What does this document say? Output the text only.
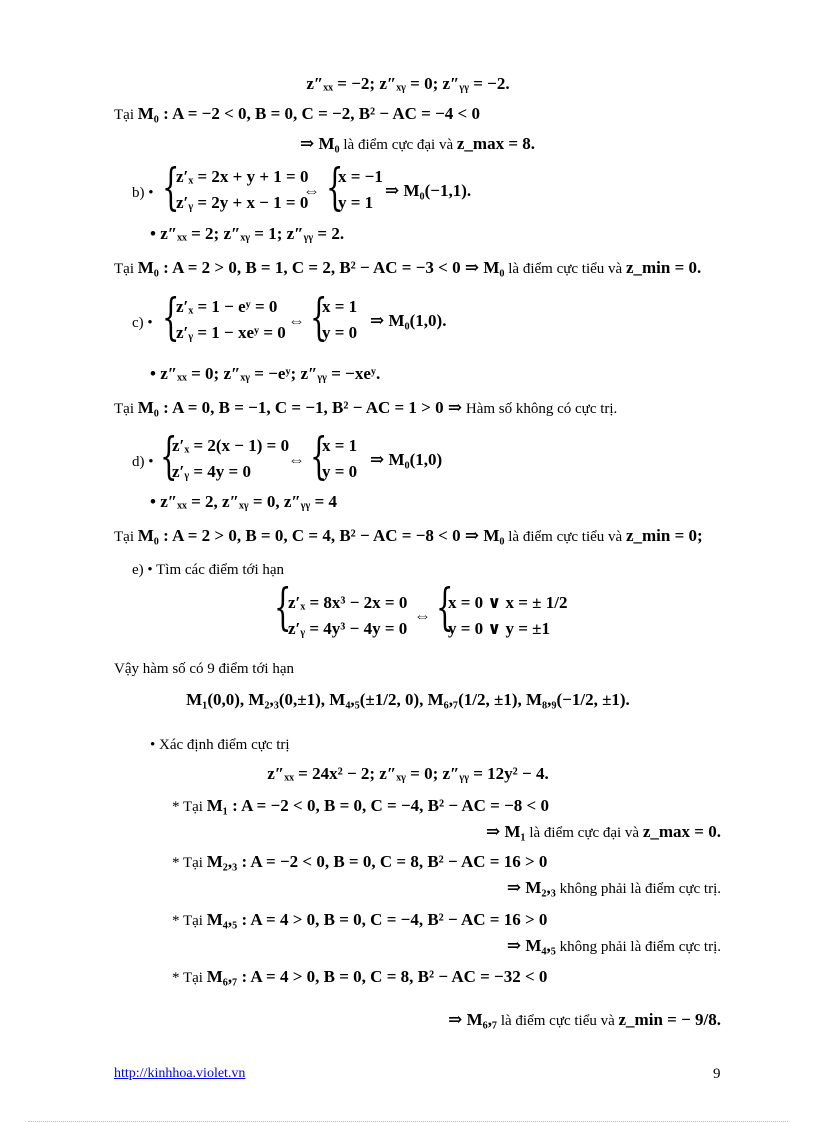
z″ₓₓ = −2; z″ₓᵧ = 0; z″ᵧᵧ = −2.
Tại M₀ : A = −2 < 0, B = 0, C = −2, B² − AC = −4 < 0
⇒ M₀ là điểm cực đại và z_max = 8.
b) • {
z′ₓ = 2x + y + 1 = 0
z′ᵧ = 2y + x − 1 = 0
⇔ {
x = −1
y = 1
⇒ M₀(−1,1).
• z″ₓₓ = 2; z″ₓᵧ = 1; z″ᵧᵧ = 2.
Tại M₀ : A = 2 > 0, B = 1, C = 2, B² − AC = −3 < 0 ⇒ M₀ là điểm cực tiểu và z_min = 0.
c) • {
z′ₓ = 1 − eʸ = 0
z′ᵧ = 1 − xeʸ = 0
⇔ {
x = 1
y = 0
⇒ M₀(1,0).
• z″ₓₓ = 0; z″ₓᵧ = −eʸ; z″ᵧᵧ = −xeʸ.
Tại M₀ : A = 0, B = −1, C = −1, B² − AC = 1 > 0 ⇒ Hàm số không có cực trị.
d) • {
z′ₓ = 2(x − 1) = 0
z′ᵧ = 4y = 0
⇔ {
x = 1
y = 0
⇒ M₀(1,0)
• z″ₓₓ = 2, z″ₓᵧ = 0, z″ᵧᵧ = 4
Tại M₀ : A = 2 > 0, B = 0, C = 4, B² − AC = −8 < 0 ⇒ M₀ là điểm cực tiểu và z_min = 0;
e) • Tìm các điểm tới hạn
{
z′ₓ = 8x³ − 2x = 0
z′ᵧ = 4y³ − 4y = 0
⇔ {
x = 0 ∨ x = ± 1/2
y = 0 ∨ y = ±1
Vậy hàm số có 9 điểm tới hạn
M₁(0,0), M₂,₃(0,±1), M₄,₅(±1/2, 0), M₆,₇(1/2, ±1), M₈,₉(−1/2, ±1).
• Xác định điểm cực trị
z″ₓₓ = 24x² − 2; z″ₓᵧ = 0; z″ᵧᵧ = 12y² − 4.
* Tại M₁ : A = −2 < 0, B = 0, C = −4, B² − AC = −8 < 0
⇒ M₁ là điểm cực đại và z_max = 0.
* Tại M₂,₃ : A = −2 < 0, B = 0, C = 8, B² − AC = 16 > 0
⇒ M₂,₃ không phải là điểm cực trị.
* Tại M₄,₅ : A = 4 > 0, B = 0, C = −4, B² − AC = 16 > 0
⇒ M₄,₅ không phải là điểm cực trị.
* Tại M₆,₇ : A = 4 > 0, B = 0, C = 8, B² − AC = −32 < 0
⇒ M₆,₇ là điểm cực tiểu và z_min = − 9/8.
http://kinhhoa.violet.vn	9
